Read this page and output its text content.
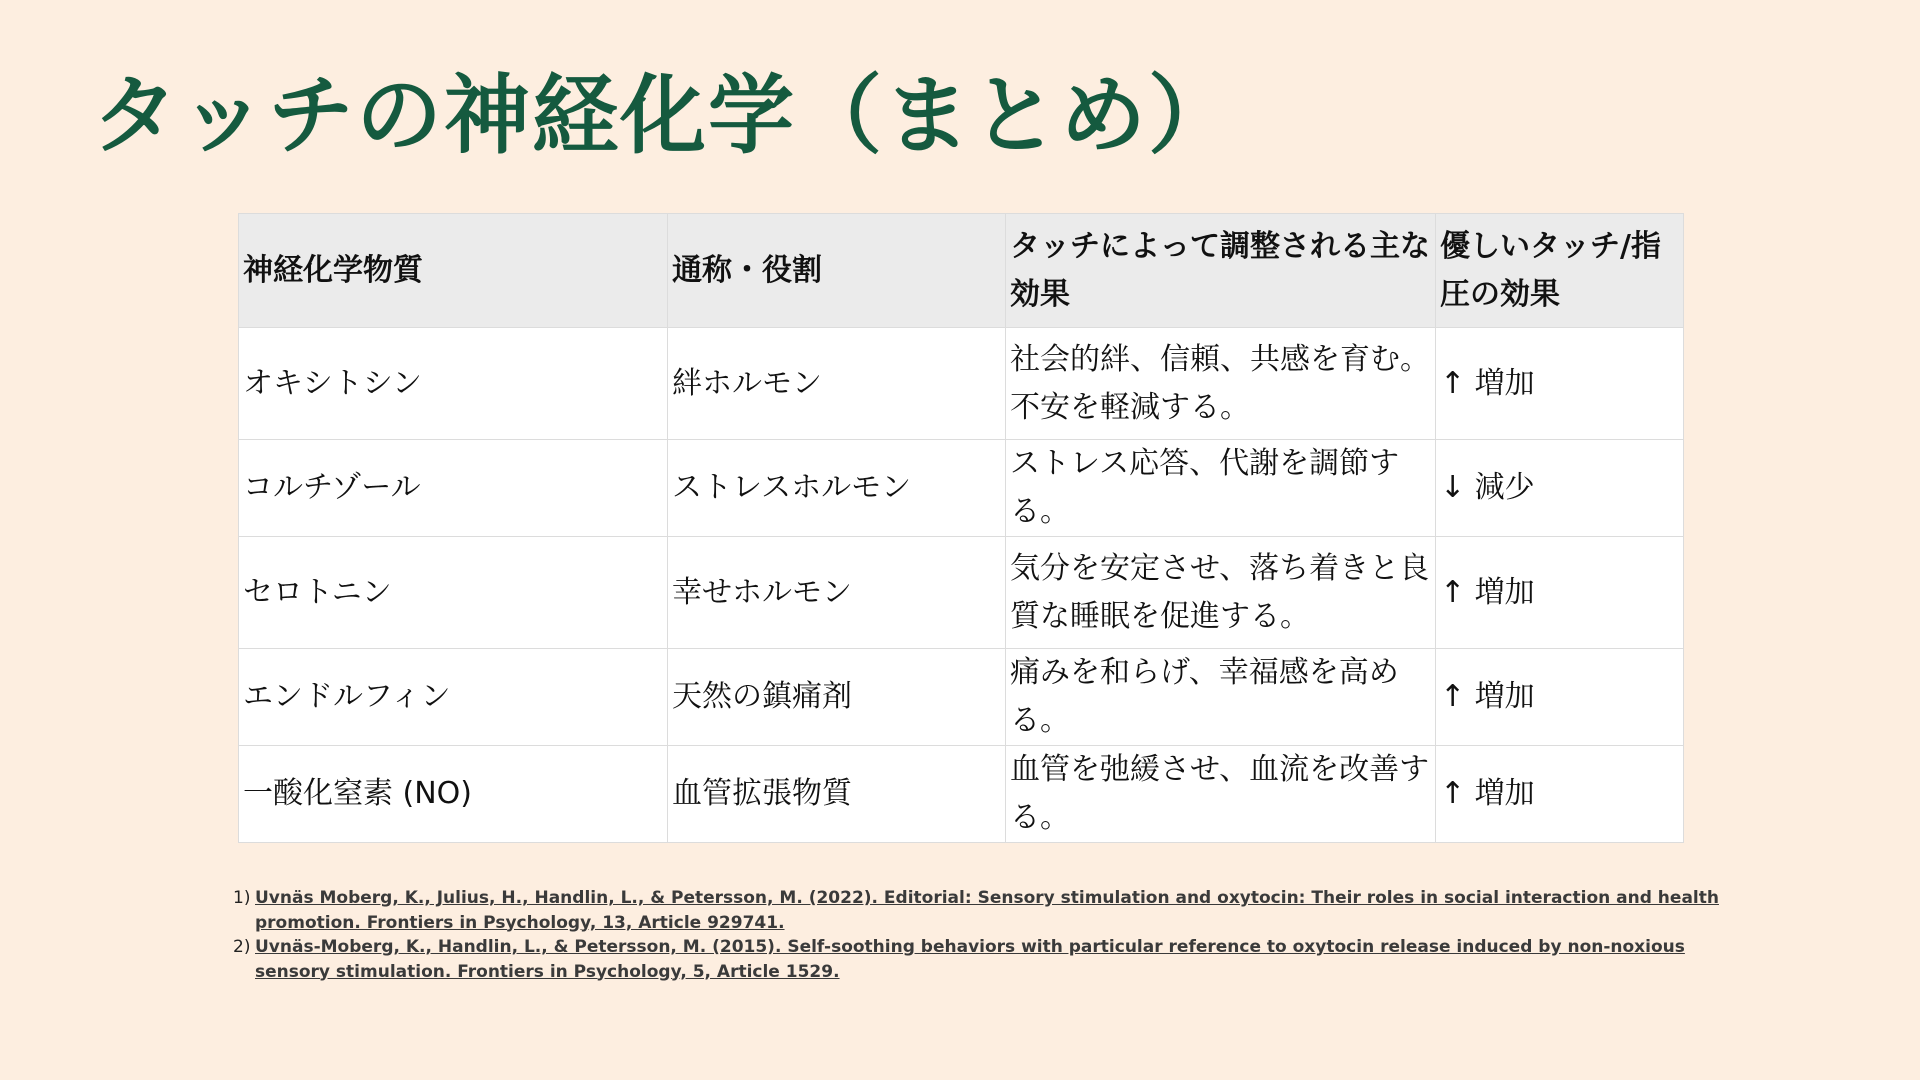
タッチの神経化学（まとめ）
神経化学物質	通称・役割	タッチによって調整される主な効果	優しいタッチ/指圧の効果
オキシトシン	絆ホルモン	社会的絆、信頼、共感を育む。不安を軽減する。	↑ 増加
コルチゾール	ストレスホルモン	ストレス応答、代謝を調節する。	↓ 減少
セロトニン	幸せホルモン	気分を安定させ、落ち着きと良質な睡眠を促進する。	↑ 増加
エンドルフィン	天然の鎮痛剤	痛みを和らげ、幸福感を高める。	↑ 増加
一酸化窒素 (NO)	血管拡張物質	血管を弛緩させ、血流を改善する。	↑ 増加
1) Uvnäs Moberg, K., Julius, H., Handlin, L., & Petersson, M. (2022). Editorial: Sensory stimulation and oxytocin: Their roles in social interaction and health promotion. Frontiers in Psychology, 13, Article 929741.
2) Uvnäs-Moberg, K., Handlin, L., & Petersson, M. (2015). Self-soothing behaviors with particular reference to oxytocin release induced by non-noxious sensory stimulation. Frontiers in Psychology, 5, Article 1529.
